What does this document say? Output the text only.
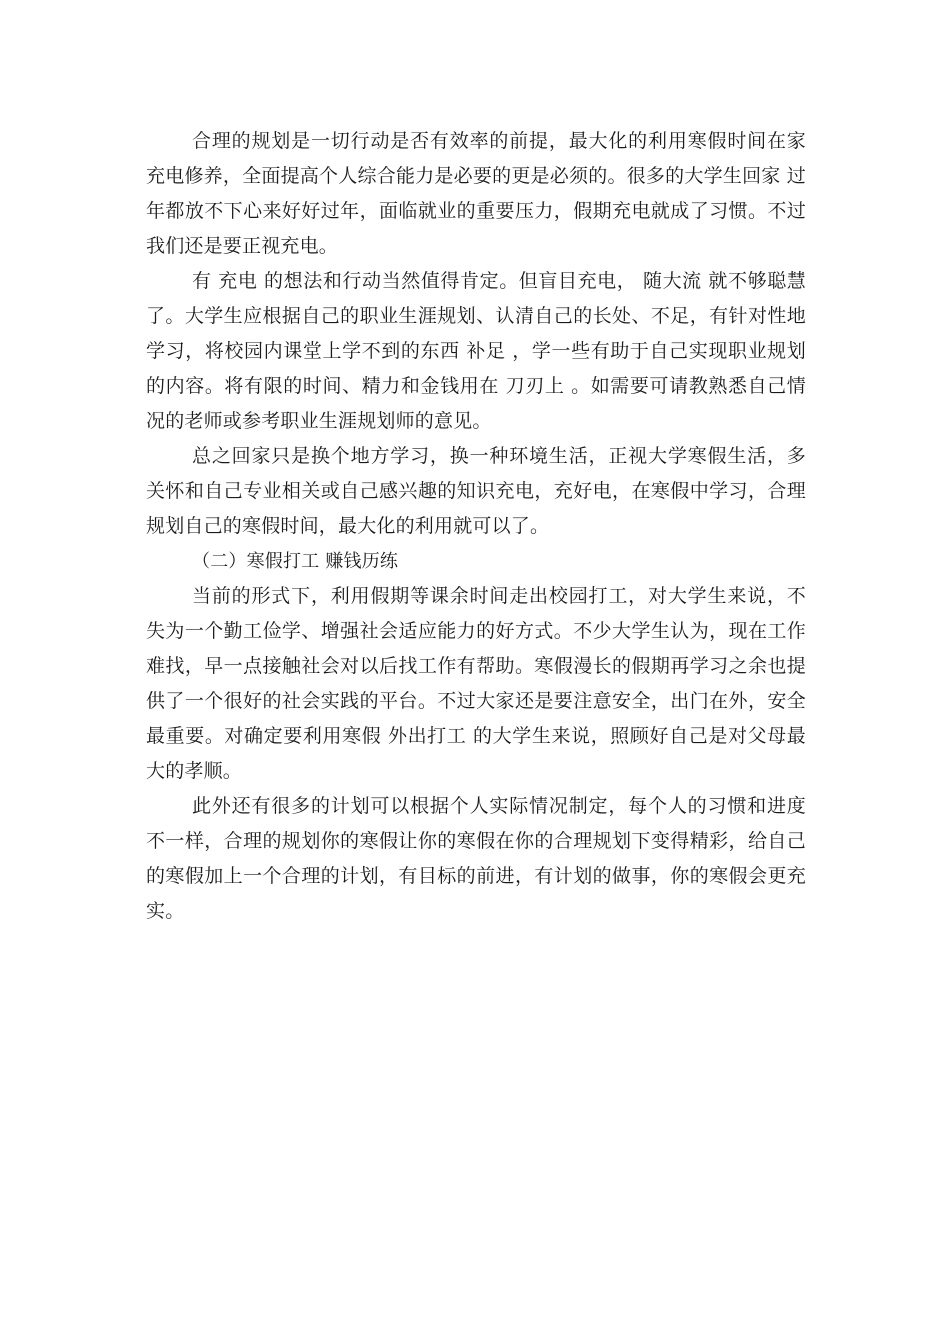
合理的规划是一切行动是否有效率的前提，最大化的利用寒假时间在家充电修养，全面提高个人综合能力是必要的更是必须的。很多的大学生回家 过年都放不下心来好好过年，面临就业的重要压力，假期充电就成了习惯。不过我们还是要正视充电。

有 充电 的想法和行动当然值得肯定。但盲目充电， 随大流 就不够聪慧了。大学生应根据自己的职业生涯规划、认清自己的长处、不足，有针对性地学习，将校园内课堂上学不到的东西 补足 ，学一些有助于自己实现职业规划的内容。将有限的时间、精力和金钱用在 刀刃上 。如需要可请教熟悉自己情况的老师或参考职业生涯规划师的意见。

总之回家只是换个地方学习，换一种环境生活，正视大学寒假生活，多关怀和自己专业相关或自己感兴趣的知识充电，充好电，在寒假中学习，合理规划自己的寒假时间，最大化的利用就可以了。

（二）寒假打工 赚钱历练

当前的形式下，利用假期等课余时间走出校园打工，对大学生来说，不失为一个勤工俭学、增强社会适应能力的好方式。不少大学生认为，现在工作难找，早一点接触社会对以后找工作有帮助。寒假漫长的假期再学习之余也提供了一个很好的社会实践的平台。不过大家还是要注意安全，出门在外，安全最重要。对确定要利用寒假 外出打工 的大学生来说，照顾好自己是对父母最大的孝顺。

此外还有很多的计划可以根据个人实际情况制定，每个人的习惯和进度不一样，合理的规划你的寒假让你的寒假在你的合理规划下变得精彩，给自己的寒假加上一个合理的计划，有目标的前进，有计划的做事，你的寒假会更充实。
